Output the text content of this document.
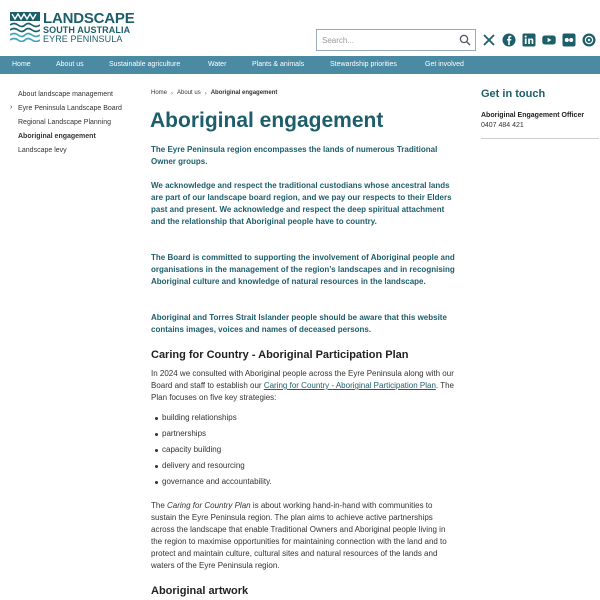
LANDSCAPE
SOUTH AUSTRALIA
EYRE PENINSULA
Search...
Home	About us	Sustainable agriculture	Water	Plants & animals	Stewardship priorities	Get involved
About landscape management
› Eyre Peninsula Landscape Board
Regional Landscape Planning
Aboriginal engagement
Landscape levy
Home › About us › Aboriginal engagement
Aboriginal engagement
The Eyre Peninsula region encompasses the lands of numerous Traditional Owner groups.
We acknowledge and respect the traditional custodians whose ancestral lands are part of our landscape board region, and we pay our respects to their Elders past and present. We acknowledge and respect the deep spiritual attachment and the relationship that Aboriginal people have to country.
The Board is committed to supporting the involvement of Aboriginal people and organisations in the management of the region’s landscapes and in recognising Aboriginal culture and knowledge of natural resources in the landscape.
Aboriginal and Torres Strait Islander people should be aware that this website contains images, voices and names of deceased persons.
Caring for Country - Aboriginal Participation Plan
In 2024 we consulted with Aboriginal people across the Eyre Peninsula along with our Board and staff to establish our Caring for Country - Aboriginal Participation Plan. The Plan focuses on five key strategies:
building relationships
partnerships
capacity building
delivery and resourcing
governance and accountability.
The Caring for Country Plan is about working hand-in-hand with communities to sustain the Eyre Peninsula region. The plan aims to achieve active partnerships across the landscape that enable Traditional Owners and Aboriginal people living in the region to maximise opportunities for maintaining connection with the land and to protect and maintain culture, cultural sites and natural resources of the lands and waters of the Eyre Peninsula region.
Aboriginal artwork
Get in touch
Aboriginal Engagement Officer
0407 484 421
